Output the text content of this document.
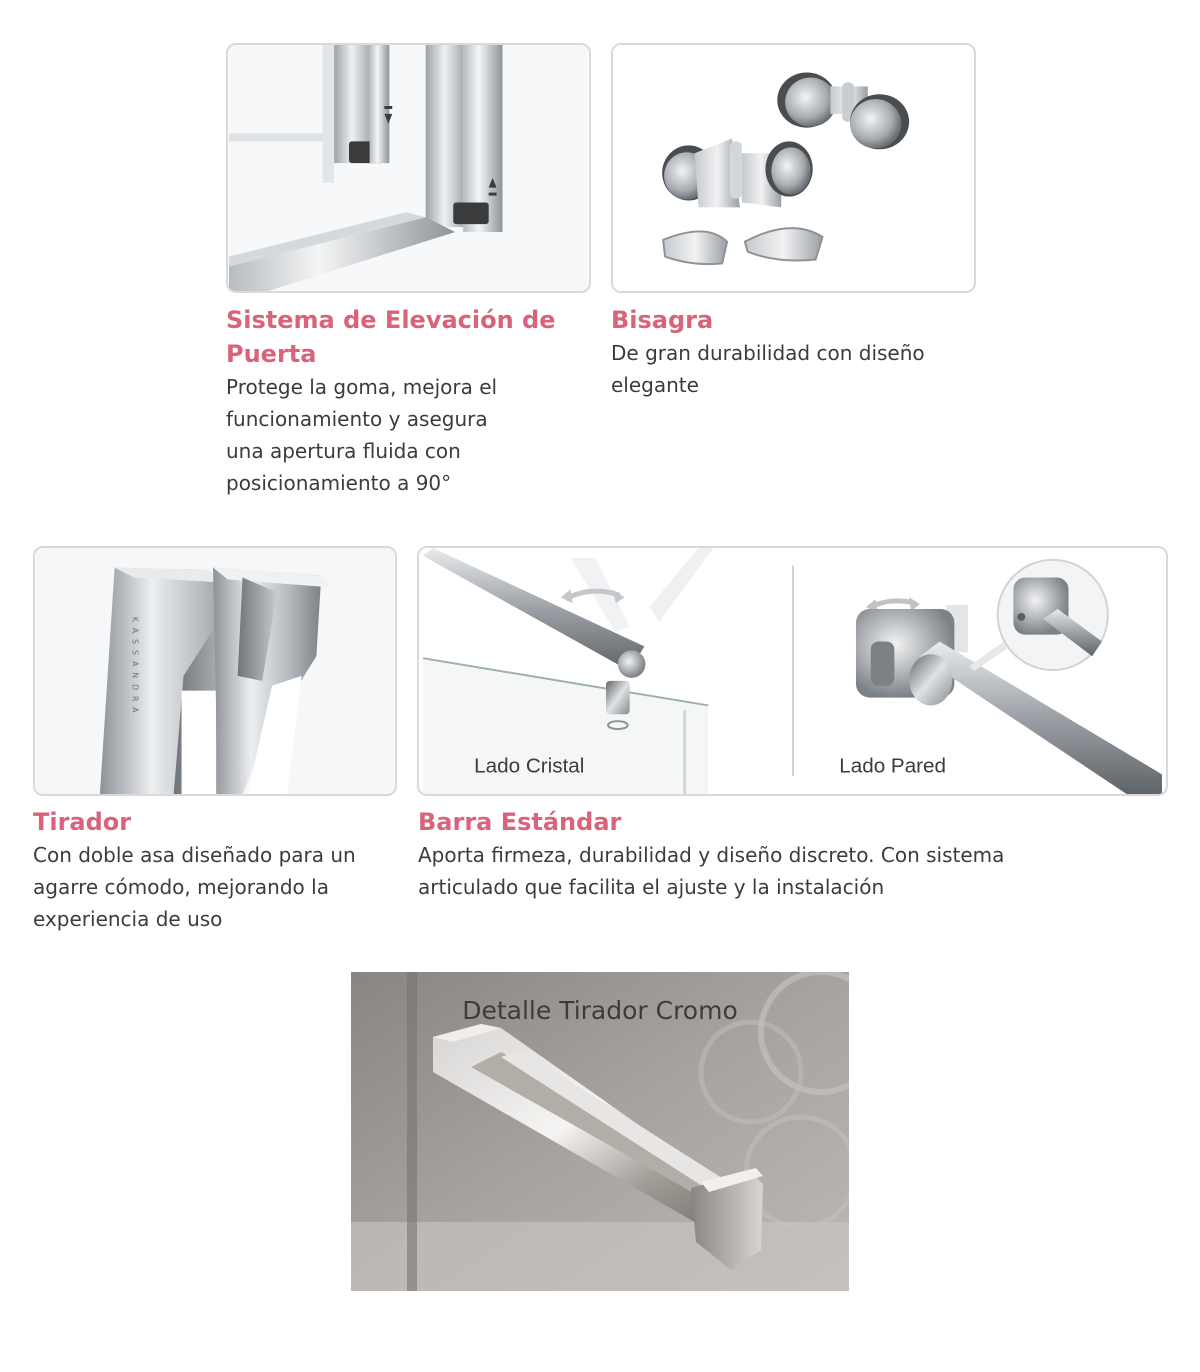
Sistema de Elevación de Puerta
Protege la goma, mejora el funcionamiento y asegura una apertura fluida con posicionamiento a 90°
Bisagra
De gran durabilidad con diseño elegante
KASSANDRA
Tirador
Con doble asa diseñado para un agarre cómodo, mejorando la experiencia de uso
Lado Cristal	Lado Pared
Barra Estándar
Aporta firmeza, durabilidad y diseño discreto. Con sistema articulado que facilita el ajuste y la instalación
Detalle Tirador Cromo
